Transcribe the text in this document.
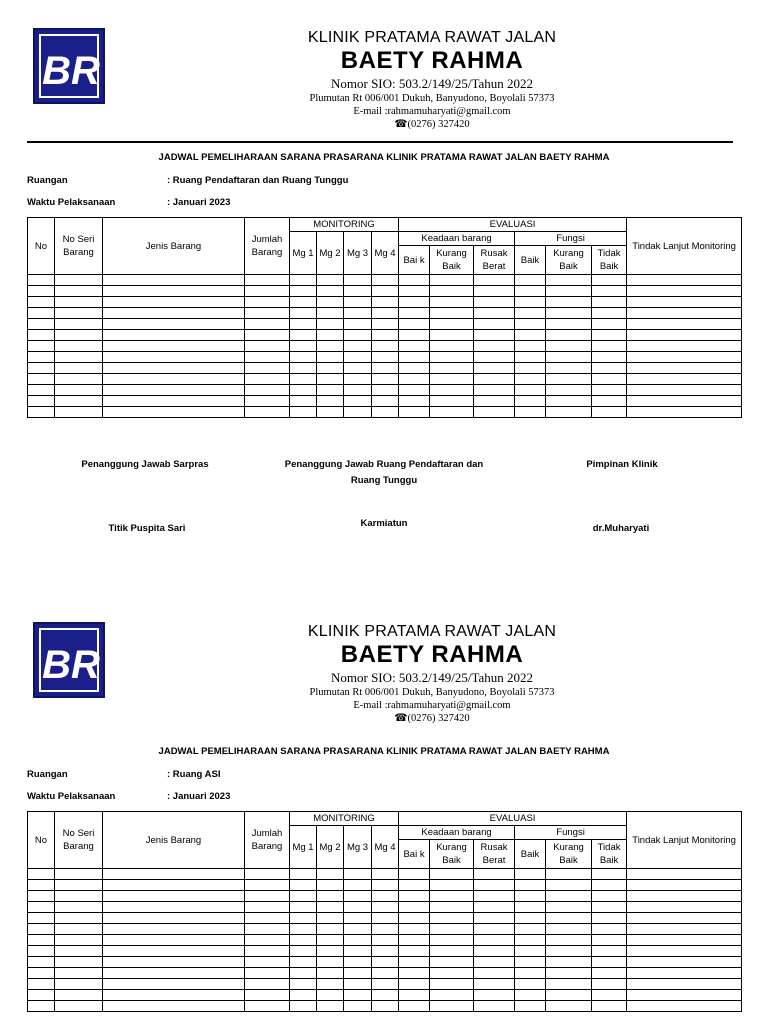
BR
KLINIK PRATAMA RAWAT JALAN
BAETY RAHMA
Nomor SIO: 503.2/149/25/Tahun 2022
Plumutan Rt 006/001 Dukuh, Banyudono, Boyolali 57373
E-mail :rahmamuharyati@gmail.com
☎(0276) 327420
JADWAL PEMELIHARAAN SARANA PRASARANA KLINIK PRATAMA RAWAT JALAN BAETY RAHMA
Ruangan	: Ruang Pendaftaran dan Ruang Tunggu
Waktu Pelaksanaan	: Januari 2023
No	No Seri Barang	Jenis Barang	Jumlah Barang	MONITORING				EVALUASI						Tindak Lanjut Monitoring
				Mg 1	Mg 2	Mg 3	Mg 4	Keadaan barang			Fungsi			
								Bai k	Kurang Baik	Rusak Berat	Baik	Kurang Baik	Tidak Baik	

Penanggung Jawab Sarpras	Penanggung Jawab Ruang Pendaftaran dan
Ruang Tunggu
Pimpinan Klinik
Titik Puspita Sari	Karmiatun	dr.Muharyati
BR
KLINIK PRATAMA RAWAT JALAN
BAETY RAHMA
Nomor SIO: 503.2/149/25/Tahun 2022
Plumutan Rt 006/001 Dukuh, Banyudono, Boyolali 57373
E-mail :rahmamuharyati@gmail.com
☎(0276) 327420
JADWAL PEMELIHARAAN SARANA PRASARANA KLINIK PRATAMA RAWAT JALAN BAETY RAHMA
Ruangan	: Ruang ASI
Waktu Pelaksanaan	: Januari 2023
No	No Seri Barang	Jenis Barang	Jumlah Barang	MONITORING				EVALUASI						Tindak Lanjut Monitoring
				Mg 1	Mg 2	Mg 3	Mg 4	Keadaan barang			Fungsi			
								Bai k	Kurang Baik	Rusak Berat	Baik	Kurang Baik	Tidak Baik	
